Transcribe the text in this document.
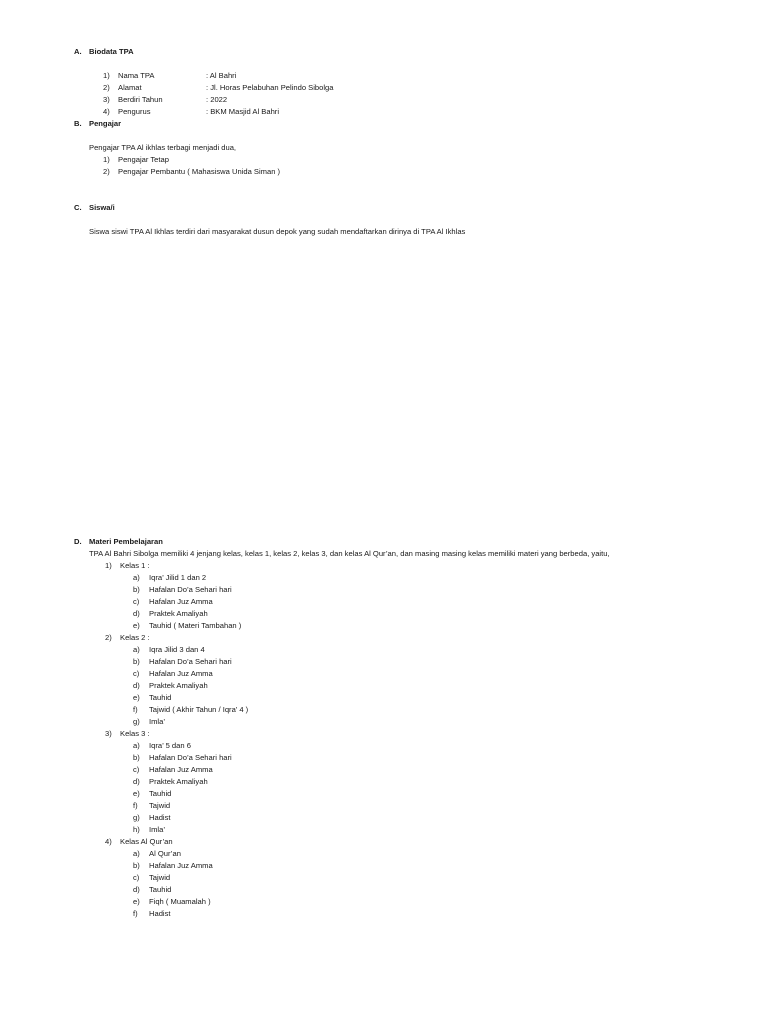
A. Biodata TPA
1) Nama TPA	: Al Bahri
2) Alamat	: Jl. Horas Pelabuhan Pelindo Sibolga
3) Berdiri Tahun	: 2022
4) Pengurus	: BKM Masjid Al Bahri
B. Pengajar
Pengajar TPA Al ikhlas terbagi menjadi dua,
1) Pengajar Tetap
2) Pengajar Pembantu ( Mahasiswa Unida Siman )
C. Siswa/i
Siswa siswi TPA Al Ikhlas terdiri dari masyarakat dusun depok yang sudah mendaftarkan dirinya di TPA Al Ikhlas
D. Materi Pembelajaran
TPA Al Bahri Sibolga memiliki 4 jenjang kelas, kelas 1, kelas 2, kelas 3, dan kelas Al Qur’an, dan masing masing kelas memiliki materi yang berbeda, yaitu,
1) Kelas 1 :
a) Iqra’ Jilid 1 dan 2
b) Hafalan Do’a Sehari hari
c) Hafalan Juz Amma
d) Praktek Amaliyah
e) Tauhid ( Materi Tambahan )
2) Kelas 2 :
a) Iqra Jilid 3 dan 4
b) Hafalan Do’a Sehari hari
c) Hafalan Juz Amma
d) Praktek Amaliyah
e) Tauhid
f) Tajwid ( Akhir Tahun / Iqra’ 4 )
g) Imla’
3) Kelas 3 :
a) Iqra’ 5 dan 6
b) Hafalan Do’a Sehari hari
c) Hafalan Juz Amma
d) Praktek Amaliyah
e) Tauhid
f) Tajwid
g) Hadist
h) Imla’
4) Kelas Al Qur’an
a) Al Qur’an
b) Hafalan Juz Amma
c) Tajwid
d) Tauhid
e) Fiqh ( Muamalah )
f) Hadist
